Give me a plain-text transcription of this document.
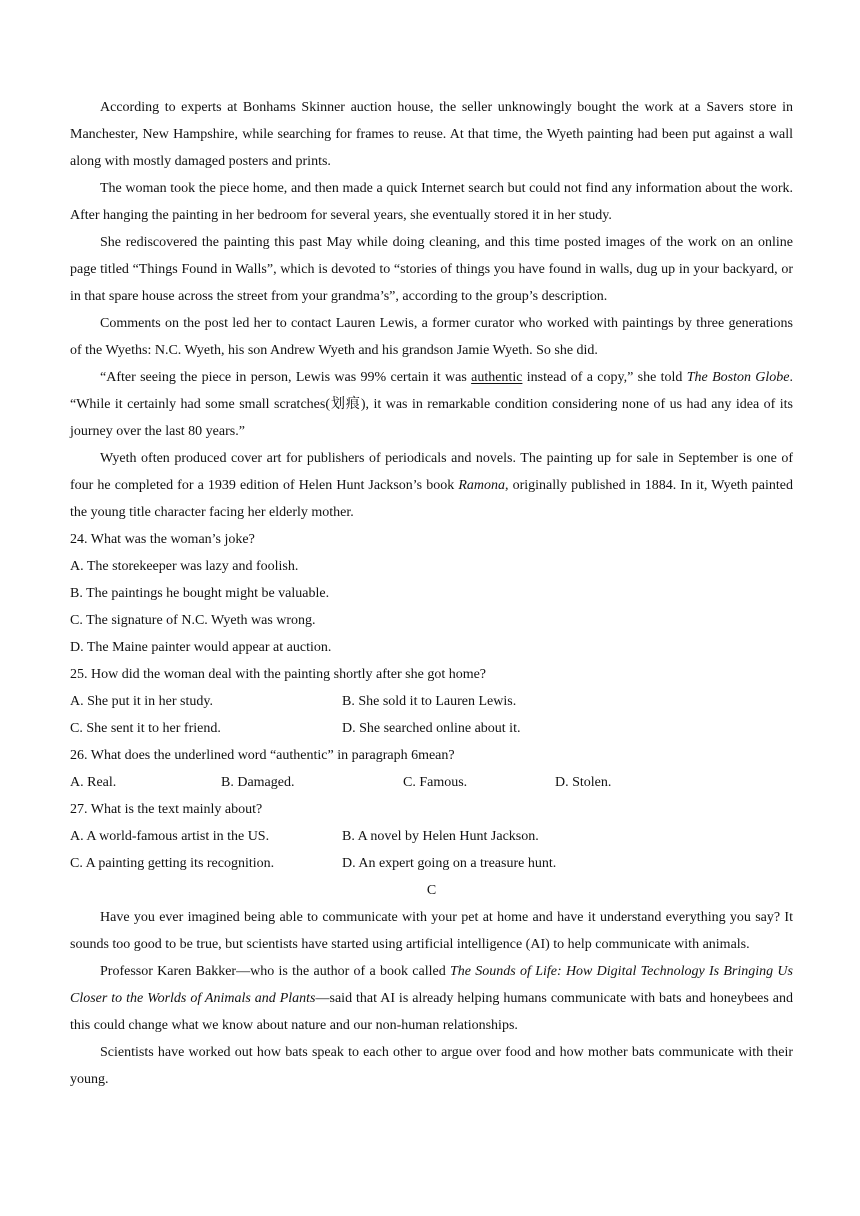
According to experts at Bonhams Skinner auction house, the seller unknowingly bought the work at a Savers store in Manchester, New Hampshire, while searching for frames to reuse. At that time, the Wyeth painting had been put against a wall along with mostly damaged posters and prints.

The woman took the piece home, and then made a quick Internet search but could not find any information about the work. After hanging the painting in her bedroom for several years, she eventually stored it in her study.

She rediscovered the painting this past May while doing cleaning, and this time posted images of the work on an online page titled “Things Found in Walls”, which is devoted to “stories of things you have found in walls, dug up in your backyard, or in that spare house across the street from your grandma’s”, according to the group’s description.

Comments on the post led her to contact Lauren Lewis, a former curator who worked with paintings by three generations of the Wyeths: N.C. Wyeth, his son Andrew Wyeth and his grandson Jamie Wyeth. So she did.

“After seeing the piece in person, Lewis was 99% certain it was authentic instead of a copy,” she told The Boston Globe. “While it certainly had some small scratches(划痕), it was in remarkable condition considering none of us had any idea of its journey over the last 80 years.”

Wyeth often produced cover art for publishers of periodicals and novels. The painting up for sale in September is one of four he completed for a 1939 edition of Helen Hunt Jackson’s book Ramona, originally published in 1884. In it, Wyeth painted the young title character facing her elderly mother.

24. What was the woman’s joke?

A. The storekeeper was lazy and foolish.

B. The paintings he bought might be valuable.

C. The signature of N.C. Wyeth was wrong.

D. The Maine painter would appear at auction.

25. How did the woman deal with the painting shortly after she got home?

A. She put it in her study.	B. She sold it to Lauren Lewis.
C. She sent it to her friend.	D. She searched online about it.

26. What does the underlined word “authentic” in paragraph 6mean?

A. Real.	B. Damaged.	C. Famous.	D. Stolen.

27. What is the text mainly about?

A. A world-famous artist in the US.	B. A novel by Helen Hunt Jackson.
C. A painting getting its recognition.	D. An expert going on a treasure hunt.

C

Have you ever imagined being able to communicate with your pet at home and have it understand everything you say? It sounds too good to be true, but scientists have started using artificial intelligence (AI) to help communicate with animals.

Professor Karen Bakker—who is the author of a book called The Sounds of Life: How Digital Technology Is Bringing Us Closer to the Worlds of Animals and Plants—said that AI is already helping humans communicate with bats and honeybees and this could change what we know about nature and our non-human relationships.

Scientists have worked out how bats speak to each other to argue over food and how mother bats communicate with their young.
